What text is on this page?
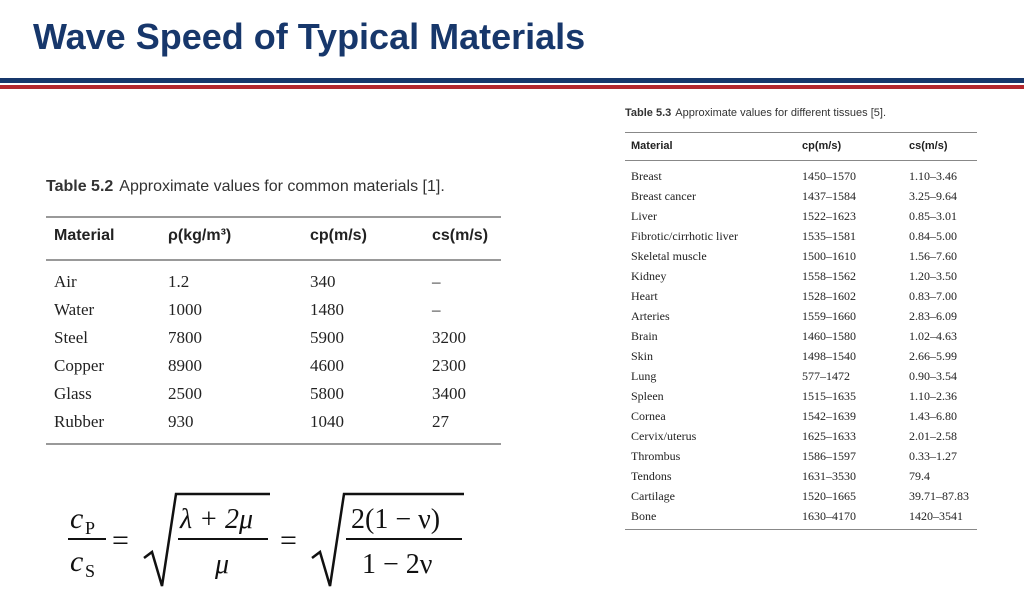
Wave Speed of Typical Materials
Table 5.2 Approximate values for common materials [1].
Material	ρ(kg/m³)	cp(m/s)	cs(m/s)
Air	1.2	340	–
Water	1000	1480	–
Steel	7800	5900	3200
Copper	8900	4600	2300
Glass	2500	5800	3400
Rubber	930	1040	27
Table 5.3 Approximate values for different tissues [5].
Material	cp(m/s)	cs(m/s)
Breast	1450–1570	1.10–3.46
Breast cancer	1437–1584	3.25–9.64
Liver	1522–1623	0.85–3.01
Fibrotic/cirrhotic liver	1535–1581	0.84–5.00
Skeletal muscle	1500–1610	1.56–7.60
Kidney	1558–1562	1.20–3.50
Heart	1528–1602	0.83–7.00
Arteries	1559–1660	2.83–6.09
Brain	1460–1580	1.02–4.63
Skin	1498–1540	2.66–5.99
Lung	577–1472	0.90–3.54
Spleen	1515–1635	1.10–2.36
Cornea	1542–1639	1.43–6.80
Cervix/uterus	1625–1633	2.01–2.58
Thrombus	1586–1597	0.33–1.27
Tendons	1631–3530	79.4
Cartilage	1520–1665	39.71–87.83
Bone	1630–4170	1420–3541
c P
c S
=
λ + 2μ
μ
=
2(1 − ν)
1 − 2ν
